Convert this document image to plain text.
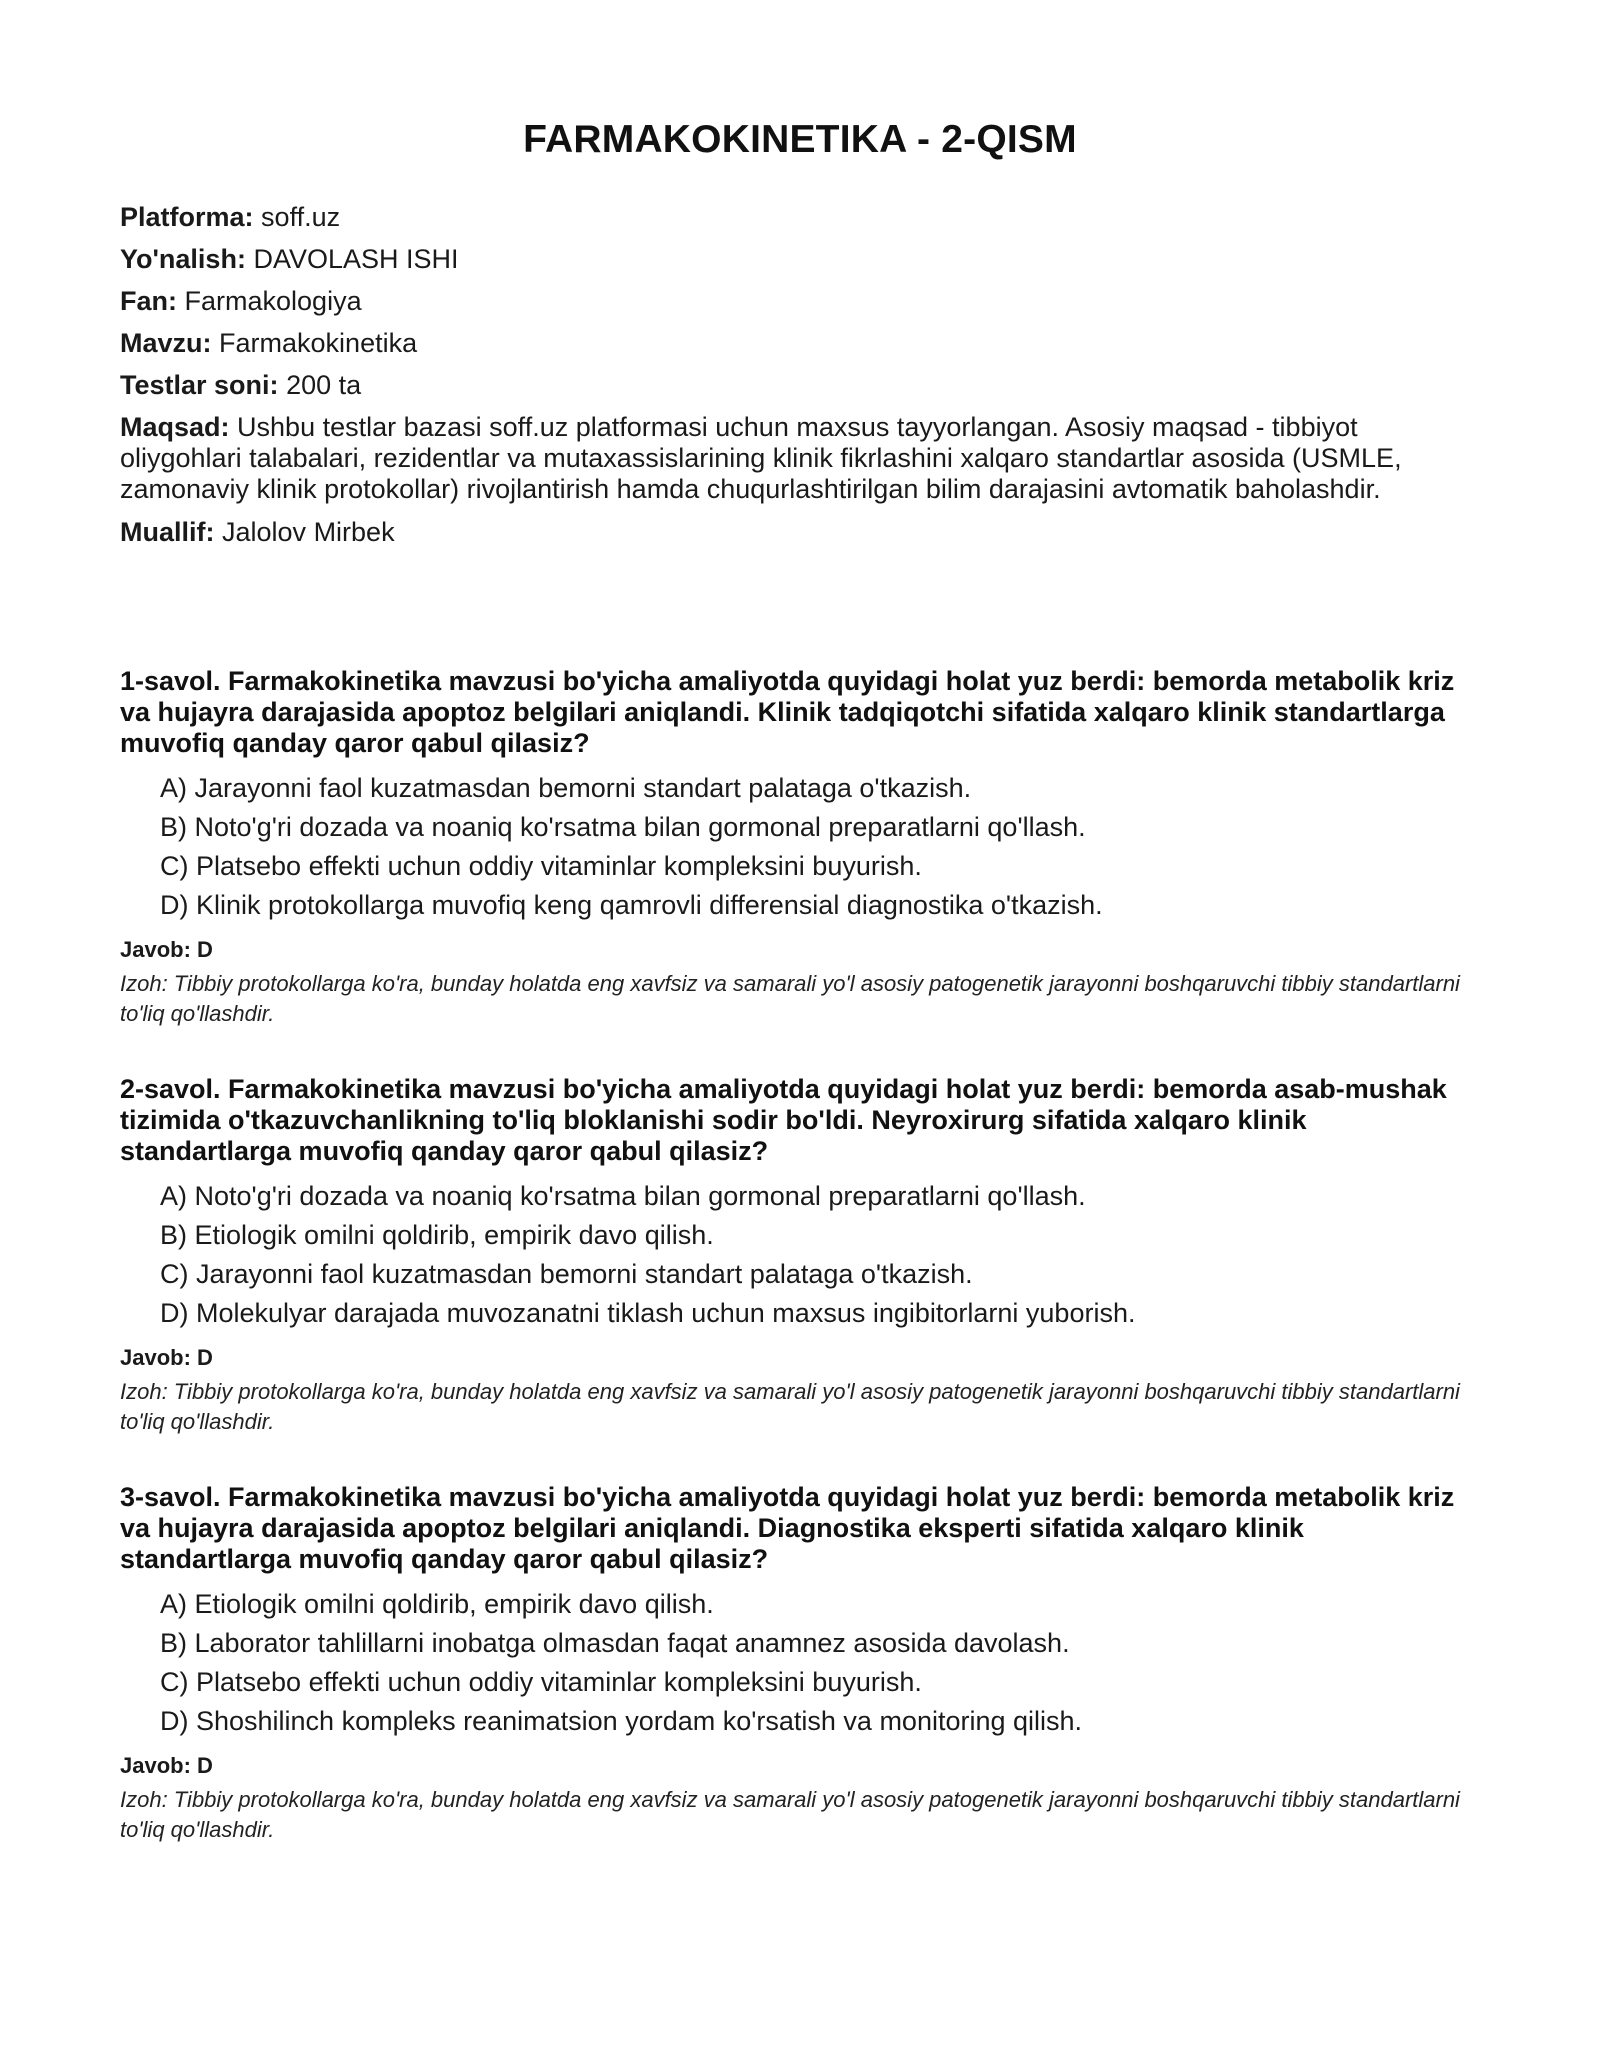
FARMAKOKINETIKA - 2-QISM

Platforma: soff.uz

Yo'nalish: DAVOLASH ISHI

Fan: Farmakologiya

Mavzu: Farmakokinetika

Testlar soni: 200 ta

Maqsad: Ushbu testlar bazasi soff.uz platformasi uchun maxsus tayyorlangan. Asosiy maqsad - tibbiyot oliygohlari talabalari, rezidentlar va mutaxassislarining klinik fikrlashini xalqaro standartlar asosida (USMLE, zamonaviy klinik protokollar) rivojlantirish hamda chuqurlashtirilgan bilim darajasini avtomatik baholashdir.

Muallif: Jalolov Mirbek

1-savol. Farmakokinetika mavzusi bo'yicha amaliyotda quyidagi holat yuz berdi: bemorda metabolik kriz va hujayra darajasida apoptoz belgilari aniqlandi. Klinik tadqiqotchi sifatida xalqaro klinik standartlarga muvofiq qanday qaror qabul qilasiz?

A) Jarayonni faol kuzatmasdan bemorni standart palataga o'tkazish.
B) Noto'g'ri dozada va noaniq ko'rsatma bilan gormonal preparatlarni qo'llash.
C) Platsebo effekti uchun oddiy vitaminlar kompleksini buyurish.
D) Klinik protokollarga muvofiq keng qamrovli differensial diagnostika o'tkazish.

Javob: D

Izoh: Tibbiy protokollarga ko'ra, bunday holatda eng xavfsiz va samarali yo'l asosiy patogenetik jarayonni boshqaruvchi tibbiy standartlarni to'liq qo'llashdir.

2-savol. Farmakokinetika mavzusi bo'yicha amaliyotda quyidagi holat yuz berdi: bemorda asab-mushak tizimida o'tkazuvchanlikning to'liq bloklanishi sodir bo'ldi. Neyroxirurg sifatida xalqaro klinik standartlarga muvofiq qanday qaror qabul qilasiz?

A) Noto'g'ri dozada va noaniq ko'rsatma bilan gormonal preparatlarni qo'llash.
B) Etiologik omilni qoldirib, empirik davo qilish.
C) Jarayonni faol kuzatmasdan bemorni standart palataga o'tkazish.
D) Molekulyar darajada muvozanatni tiklash uchun maxsus ingibitorlarni yuborish.

Javob: D

Izoh: Tibbiy protokollarga ko'ra, bunday holatda eng xavfsiz va samarali yo'l asosiy patogenetik jarayonni boshqaruvchi tibbiy standartlarni to'liq qo'llashdir.

3-savol. Farmakokinetika mavzusi bo'yicha amaliyotda quyidagi holat yuz berdi: bemorda metabolik kriz va hujayra darajasida apoptoz belgilari aniqlandi. Diagnostika eksperti sifatida xalqaro klinik standartlarga muvofiq qanday qaror qabul qilasiz?

A) Etiologik omilni qoldirib, empirik davo qilish.
B) Laborator tahlillarni inobatga olmasdan faqat anamnez asosida davolash.
C) Platsebo effekti uchun oddiy vitaminlar kompleksini buyurish.
D) Shoshilinch kompleks reanimatsion yordam ko'rsatish va monitoring qilish.

Javob: D

Izoh: Tibbiy protokollarga ko'ra, bunday holatda eng xavfsiz va samarali yo'l asosiy patogenetik jarayonni boshqaruvchi tibbiy standartlarni to'liq qo'llashdir.
